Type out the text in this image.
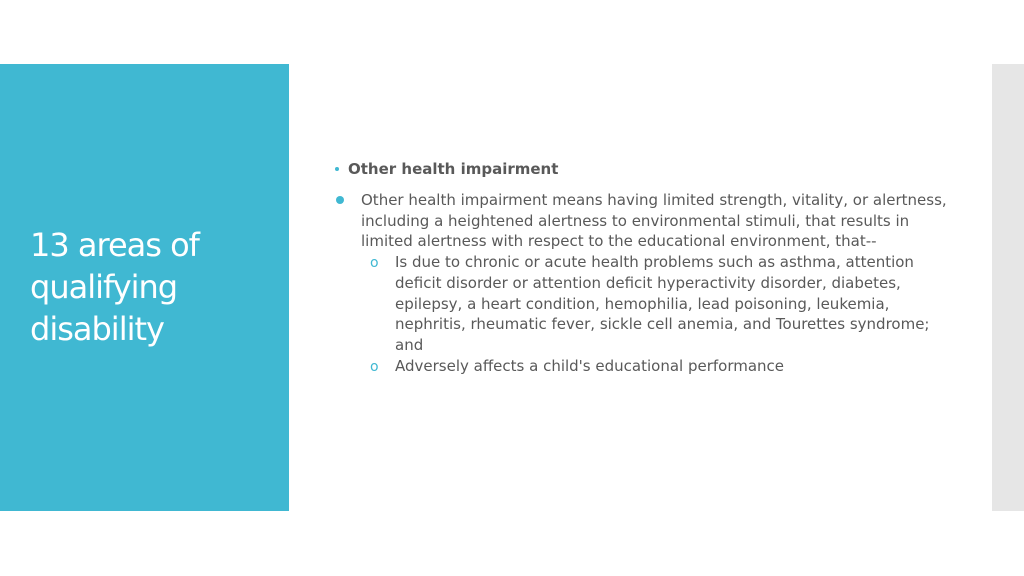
13 areas of qualifying disability
Other health impairment
Other health impairment means having limited strength, vitality, or alertness, including a heightened alertness to environmental stimuli, that results in limited alertness with respect to the educational environment, that--
o Is due to chronic or acute health problems such as asthma, attention deficit disorder or attention deficit hyperactivity disorder, diabetes, epilepsy, a heart condition, hemophilia, lead poisoning, leukemia, nephritis, rheumatic fever, sickle cell anemia, and Tourettes syndrome; and
o Adversely affects a child's educational performance
